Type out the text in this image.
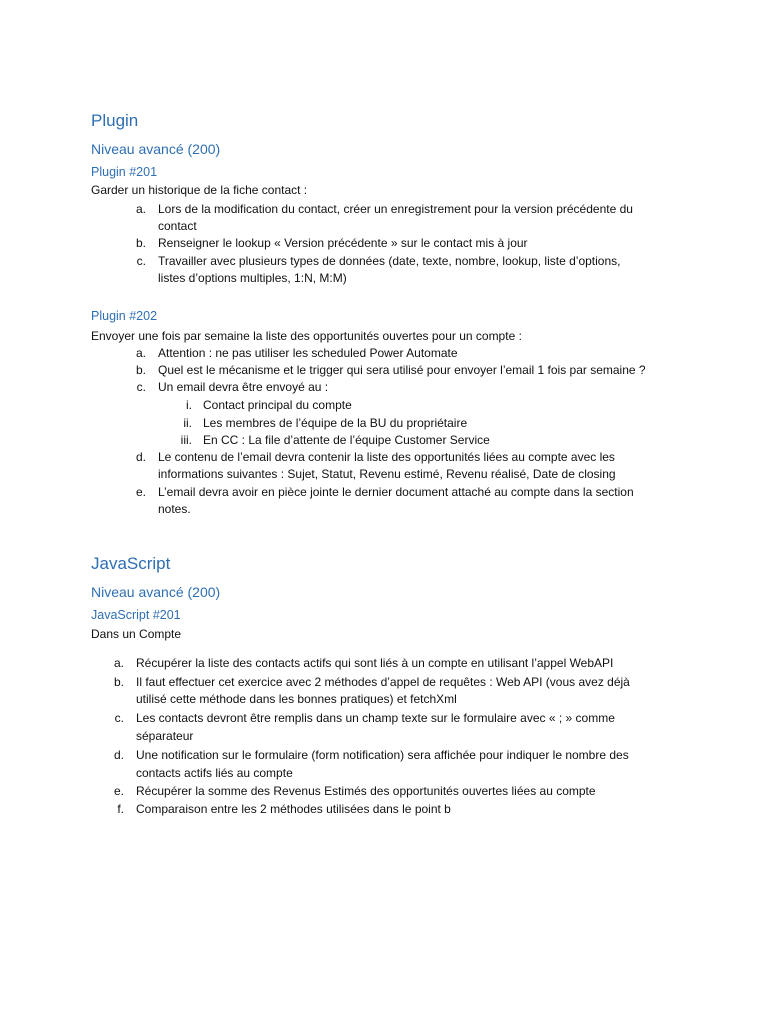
Plugin
Niveau avancé (200)
Plugin #201
Garder un historique de la fiche contact :
a. Lors de la modification du contact, créer un enregistrement pour la version précédente du
contact
b. Renseigner le lookup « Version précédente » sur le contact mis à jour
c. Travailler avec plusieurs types de données (date, texte, nombre, lookup, liste d’options,
listes d’options multiples, 1:N, M:M)
Plugin #202
Envoyer une fois par semaine la liste des opportunités ouvertes pour un compte :
a. Attention : ne pas utiliser les scheduled Power Automate
b. Quel est le mécanisme et le trigger qui sera utilisé pour envoyer l’email 1 fois par semaine ?
c. Un email devra être envoyé au :
i. Contact principal du compte
ii. Les membres de l’équipe de la BU du propriétaire
iii. En CC : La file d’attente de l’équipe Customer Service
d. Le contenu de l’email devra contenir la liste des opportunités liées au compte avec les
informations suivantes : Sujet, Statut, Revenu estimé, Revenu réalisé, Date de closing
e. L’email devra avoir en pièce jointe le dernier document attaché au compte dans la section
notes.
JavaScript
Niveau avancé (200)
JavaScript #201
Dans un Compte
a. Récupérer la liste des contacts actifs qui sont liés à un compte en utilisant l’appel WebAPI
b. Il faut effectuer cet exercice avec 2 méthodes d’appel de requêtes : Web API (vous avez déjà
utilisé cette méthode dans les bonnes pratiques) et fetchXml
c. Les contacts devront être remplis dans un champ texte sur le formulaire avec « ; » comme
séparateur
d. Une notification sur le formulaire (form notification) sera affichée pour indiquer le nombre des
contacts actifs liés au compte
e. Récupérer la somme des Revenus Estimés des opportunités ouvertes liées au compte
f. Comparaison entre les 2 méthodes utilisées dans le point b
